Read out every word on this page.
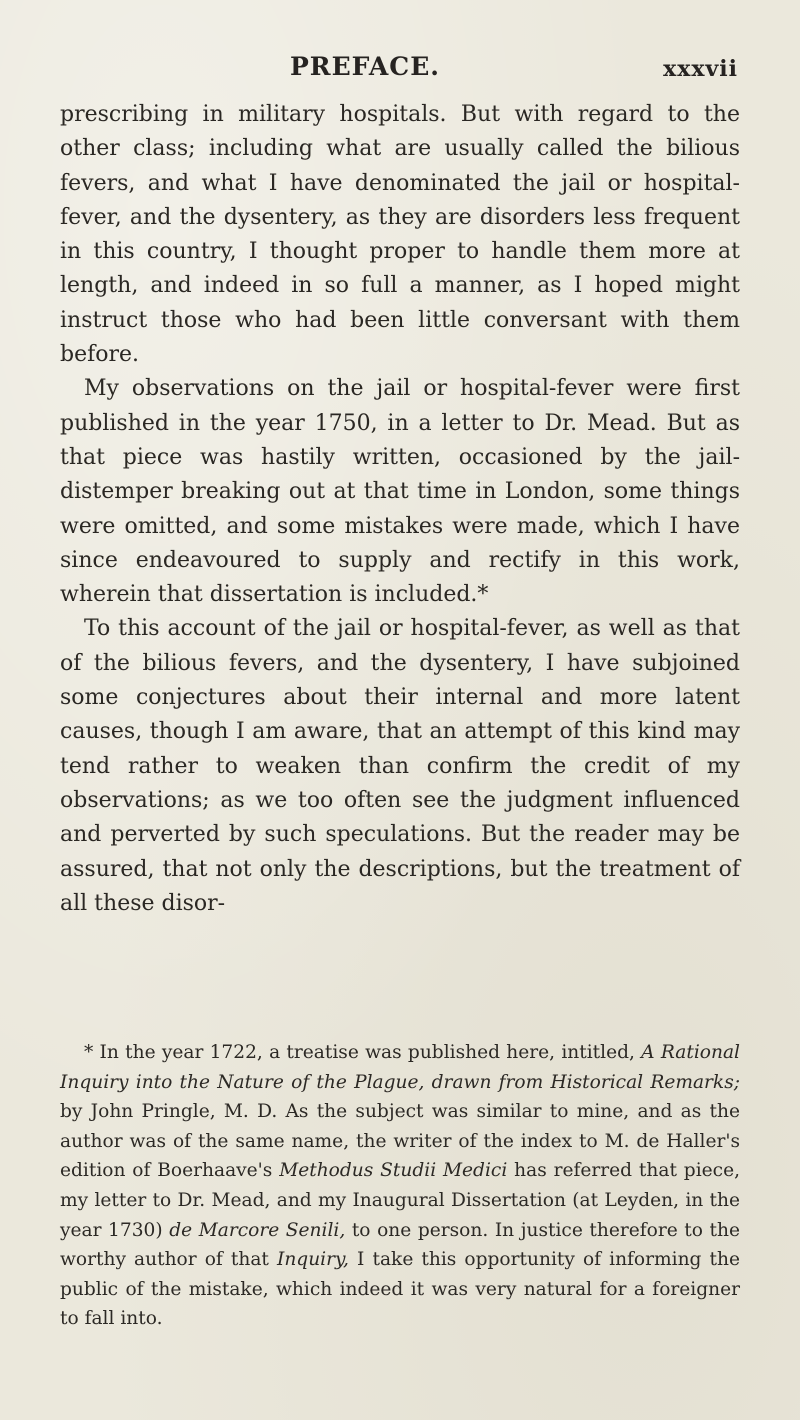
PREFACE.	xxxvii

prescribing in military hospitals. But with regard to the other class; including what are usually called the bilious fevers, and what I have denominated the jail or hospital-fever, and the dysentery, as they are disorders less frequent in this country, I thought proper to handle them more at length, and indeed in so full a manner, as I hoped might instruct those who had been little conversant with them before.

My observations on the jail or hospital-fever were first published in the year 1750, in a letter to Dr. Mead. But as that piece was hastily written, occasioned by the jail-distemper breaking out at that time in London, some things were omitted, and some mistakes were made, which I have since endeavoured to supply and rectify in this work, wherein that dissertation is included.*

To this account of the jail or hospital-fever, as well as that of the bilious fevers, and the dysentery, I have subjoined some conjectures about their internal and more latent causes, though I am aware, that an attempt of this kind may tend rather to weaken than confirm the credit of my observations; as we too often see the judgment influenced and perverted by such speculations. But the reader may be assured, that not only the descriptions, but the treatment of all these disor-

* In the year 1722, a treatise was published here, intitled, A Rational Inquiry into the Nature of the Plague, drawn from Historical Remarks; by John Pringle, M. D. As the subject was similar to mine, and as the author was of the same name, the writer of the index to M. de Haller's edition of Boerhaave's Methodus Studii Medici has referred that piece, my letter to Dr. Mead, and my Inaugural Dissertation (at Leyden, in the year 1730) de Marcore Senili, to one person. In justice therefore to the worthy author of that Inquiry, I take this opportunity of informing the public of the mistake, which indeed it was very natural for a foreigner to fall into.
